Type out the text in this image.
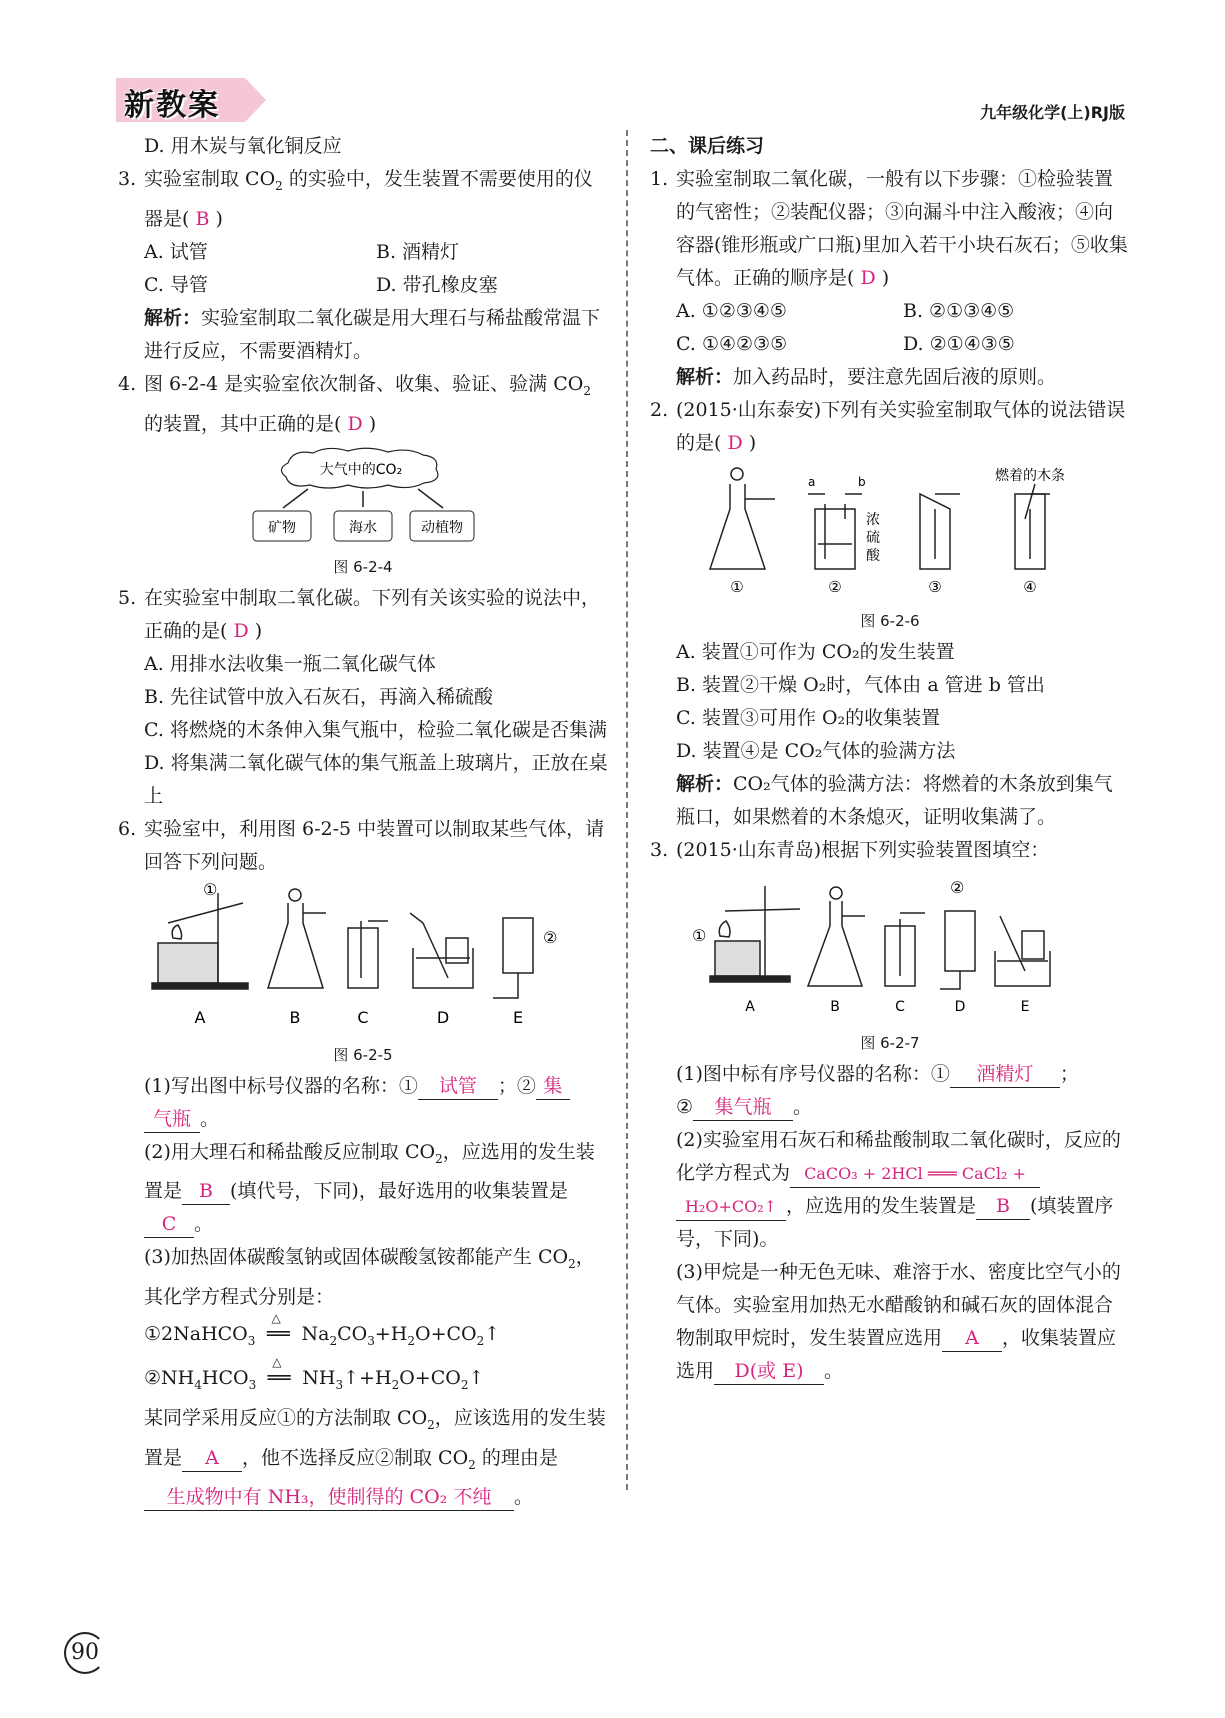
新教案	九年级化学(上)RJ版
D. 用木炭与氧化铜反应
3. 实验室制取 $CO_2$ 的实验中，发生装置不需要使用的仪器是( B )
A. 试管	B. 酒精灯
C. 导管	D. 带孔橡皮塞
解析：实验室制取二氧化碳是用大理石与稀盐酸常温下进行反应，不需要酒精灯。
4. 图 6-2-4 是实验室依次制备、收集、验证、验满 $CO_2$ 的装置，其中正确的是( D )
大气中的CO₂
矿物	海水	动植物
图 6-2-4
5. 在实验室中制取二氧化碳。下列有关该实验的说法中，正确的是( D )
A. 用排水法收集一瓶二氧化碳气体
B. 先往试管中放入石灰石，再滴入稀硫酸
C. 将燃烧的木条伸入集气瓶中，检验二氧化碳是否集满
D. 将集满二氧化碳气体的集气瓶盖上玻璃片，正放在桌上
6. 实验室中，利用图 6-2-5 中装置可以制取某些气体，请回答下列问题。
①
②
A	B	C	D	E
图 6-2-5
(1)写出图中标号仪器的名称：① 试管 ；② 集
气瓶 。
(2)用大理石和稀盐酸反应制取 $CO_2$，应选用的发生装置是 B (填代号，下同)，最好选用的收集装置是C 。
(3)加热固体碳酸氢钠或固体碳酸氢铵都能产生 $CO_2$，其化学方程式分别是：
①2NaHCO$_3$
△
══ $Na_2CO_3+H_2O+CO_2↑$
$②NH_4HCO_3$
△
══ $NH_3↑+H_2O+CO_2↑$
某同学采用反应①的方法制取 $CO_2$，应该选用的发生装置是 A ，他不选择反应②制取 $CO_2$ 的理由是生成物中有 NH₃，使制得的 CO₂ 不纯 。
二、课后练习
1. 实验室制取二氧化碳，一般有以下步骤：①检验装置的气密性；②装配仪器；③向漏斗中注入酸液；④向容器(锥形瓶或广口瓶)里加入若干小块石灰石；⑤收集气体。正确的顺序是( D )
A. ①②③④⑤	B. ②①③④⑤
C. ①④②③⑤	D. ②①④③⑤
解析：加入药品时，要注意先固后液的原则。
2. (2015·山东泰安)下列有关实验室制取气体的说法错误的是( D )
a	b
浓
硫
酸
燃着的木条
①	②	③	④
图 6-2-6
A. 装置①可作为 CO₂的发生装置
B. 装置②干燥 O₂时，气体由 a 管进 b 管出
C. 装置③可用作 O₂的收集装置
D. 装置④是 CO₂气体的验满方法
解析：CO₂气体的验满方法：将燃着的木条放到集气瓶口，如果燃着的木条熄灭，证明收集满了。
3. (2015·山东青岛)根据下列实验装置图填空：
①
②
A	B	C	D	E
图 6-2-7
(1)图中标有序号仪器的名称：① 酒精灯 ；
② 集气瓶 。
(2)实验室用石灰石和稀盐酸制取二氧化碳时，反应的化学方程式为 CaCO₃ + 2HCl ═══ CaCl₂ +
H₂O+CO₂↑ ，应选用的发生装置是 B (填装置序号，下同)。
(3)甲烷是一种无色无味、难溶于水、密度比空气小的气体。实验室用加热无水醋酸钠和碱石灰的固体混合物制取甲烷时，发生装置应选用 A ，收集装置应选用 D(或 E) 。
90
